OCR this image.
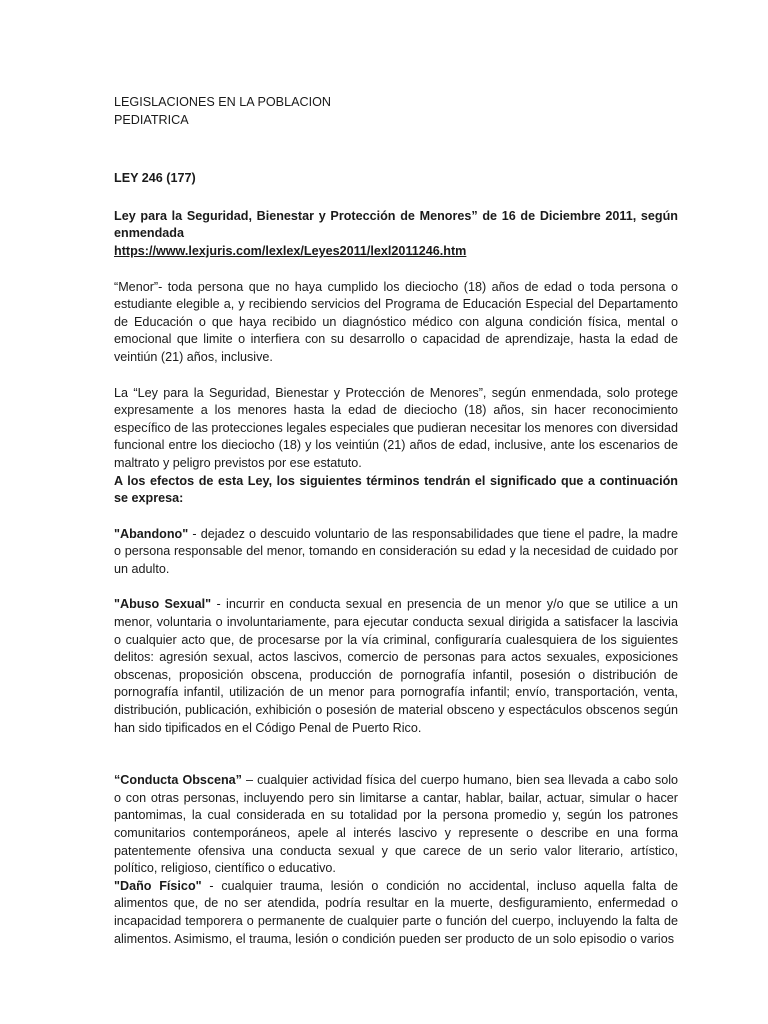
LEGISLACIONES EN LA POBLACION

PEDIATRICA

LEY 246 (177)

Ley para la Seguridad, Bienestar y Protección de Menores” de 16 de Diciembre 2011, según enmendada

https://www.lexjuris.com/lexlex/Leyes2011/lexl2011246.htm

“Menor”- toda persona que no haya cumplido los dieciocho (18) años de edad o toda persona o estudiante elegible a, y recibiendo servicios del Programa de Educación Especial del Departamento de Educación o que haya recibido un diagnóstico médico con alguna condición física, mental o emocional que limite o interfiera con su desarrollo o capacidad de aprendizaje, hasta la edad de veintiún (21) años, inclusive.

La “Ley para la Seguridad, Bienestar y Protección de Menores”, según enmendada, solo protege expresamente a los menores hasta la edad de dieciocho (18) años, sin hacer reconocimiento específico de las protecciones legales especiales que pudieran necesitar los menores con diversidad funcional entre los dieciocho (18) y los veintiún (21) años de edad, inclusive, ante los escenarios de maltrato y peligro previstos por ese estatuto.

A los efectos de esta Ley, los siguientes términos tendrán el significado que a continuación se expresa:

"Abandono" - dejadez o descuido voluntario de las responsabilidades que tiene el padre, la madre o persona responsable del menor, tomando en consideración su edad y la necesidad de cuidado por un adulto.

"Abuso Sexual" - incurrir en conducta sexual en presencia de un menor y/o que se utilice a un menor, voluntaria o involuntariamente, para ejecutar conducta sexual dirigida a satisfacer la lascivia o cualquier acto que, de procesarse por la vía criminal, configuraría cualesquiera de los siguientes delitos: agresión sexual, actos lascivos, comercio de personas para actos sexuales, exposiciones obscenas, proposición obscena, producción de pornografía infantil, posesión o distribución de pornografía infantil, utilización de un menor para pornografía infantil; envío, transportación, venta, distribución, publicación, exhibición o posesión de material obsceno y espectáculos obscenos según han sido tipificados en el Código Penal de Puerto Rico.

“Conducta Obscena” – cualquier actividad física del cuerpo humano, bien sea llevada a cabo solo o con otras personas, incluyendo pero sin limitarse a cantar, hablar, bailar, actuar, simular o hacer pantomimas, la cual considerada en su totalidad por la persona promedio y, según los patrones comunitarios contemporáneos, apele al interés lascivo y represente o describe en una forma patentemente ofensiva una conducta sexual y que carece de un serio valor literario, artístico, político, religioso, científico o educativo.

"Daño Físico" - cualquier trauma, lesión o condición no accidental, incluso aquella falta de alimentos que, de no ser atendida, podría resultar en la muerte, desfiguramiento, enfermedad o incapacidad temporera o permanente de cualquier parte o función del cuerpo, incluyendo la falta de alimentos. Asimismo, el trauma, lesión o condición pueden ser producto de un solo episodio o varios
